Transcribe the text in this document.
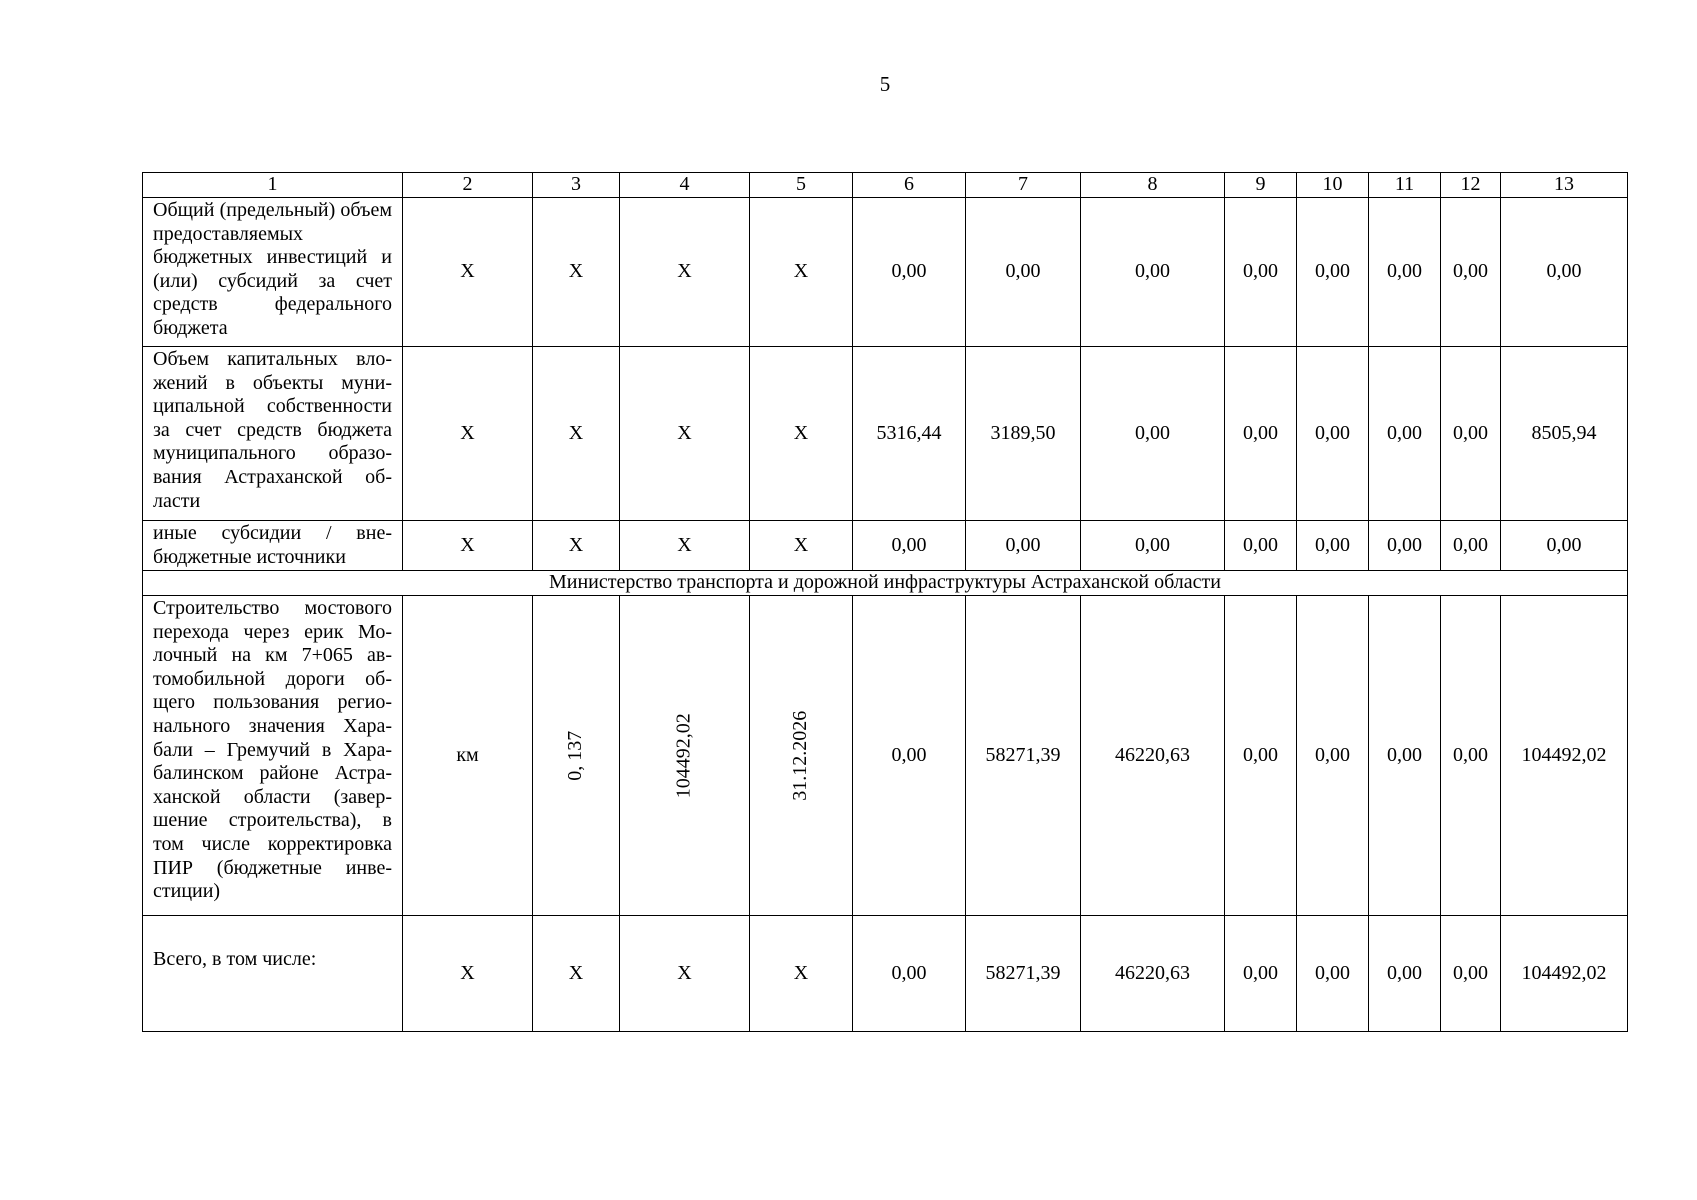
5
1	2	3	4	5	6	7	8	9	10	11	12	13
Общий (предельный) объем предоставляемых бюджетных инвестиций и (или) субсидий за счет средств федерального бюджета	Х	Х	Х	Х	0,00	0,00	0,00	0,00	0,00	0,00	0,00	0,00
Объем капитальных вложений в объекты муниципальной собственности за счет средств бюджета муниципального образования Астраханской области	Х	Х	Х	Х	5316,44	3189,50	0,00	0,00	0,00	0,00	0,00	8505,94
иные субсидии / внебюджетные источники	Х	Х	Х	Х	0,00	0,00	0,00	0,00	0,00	0,00	0,00	0,00
Министерство транспорта и дорожной инфраструктуры Астраханской области												
Строительство мостового перехода через ерик Молочный на км 7+065 автомобильной дороги общего пользования регионального значения Харабали – Гремучий в Харабалинском районе Астраханской области (завершение строительства), в том числе корректировка ПИР (бюджетные инвестиции)	км	0, 137	104492,02	31.12.2026	0,00	58271,39	46220,63	0,00	0,00	0,00	0,00	104492,02
Всего, в том числе:	Х	Х	Х	Х	0,00	58271,39	46220,63	0,00	0,00	0,00	0,00	104492,02
